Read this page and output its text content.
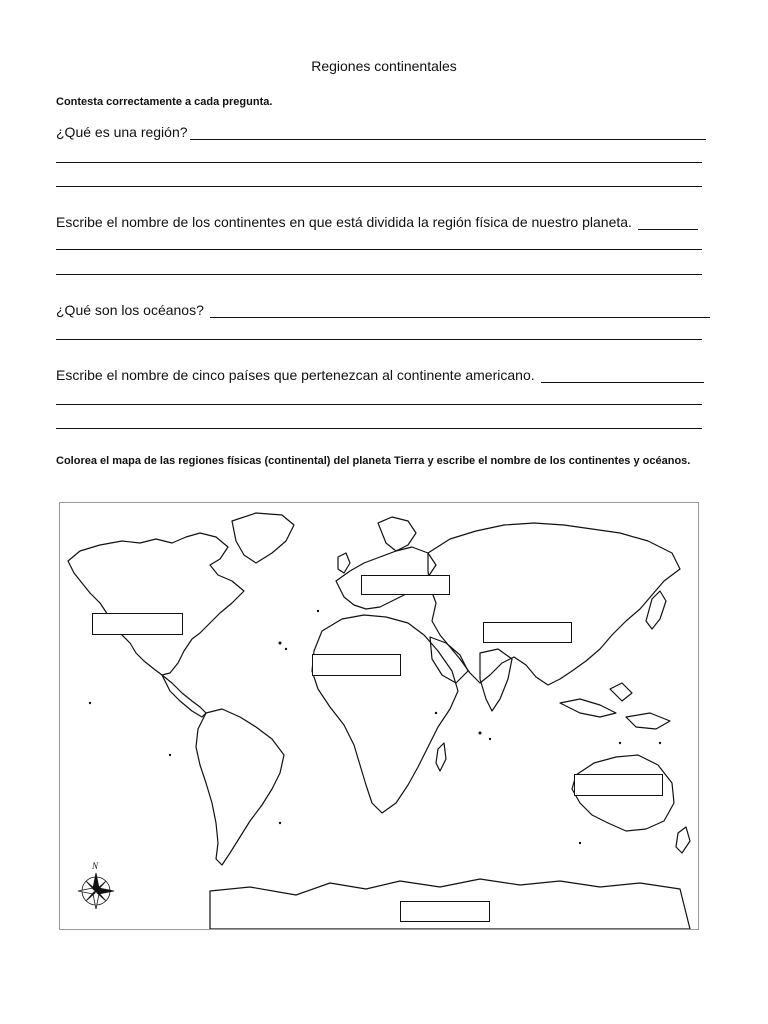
Regiones continentales
Contesta correctamente a cada pregunta.
¿Qué es una región?
Escribe el nombre de los continentes en que está dividida la región física de nuestro planeta.
¿Qué son los océanos?
Escribe el nombre de cinco países que pertenezcan al continente americano.
Colorea el mapa de las regiones físicas (continental) del planeta Tierra y escribe el nombre de los continentes y océanos.
N
